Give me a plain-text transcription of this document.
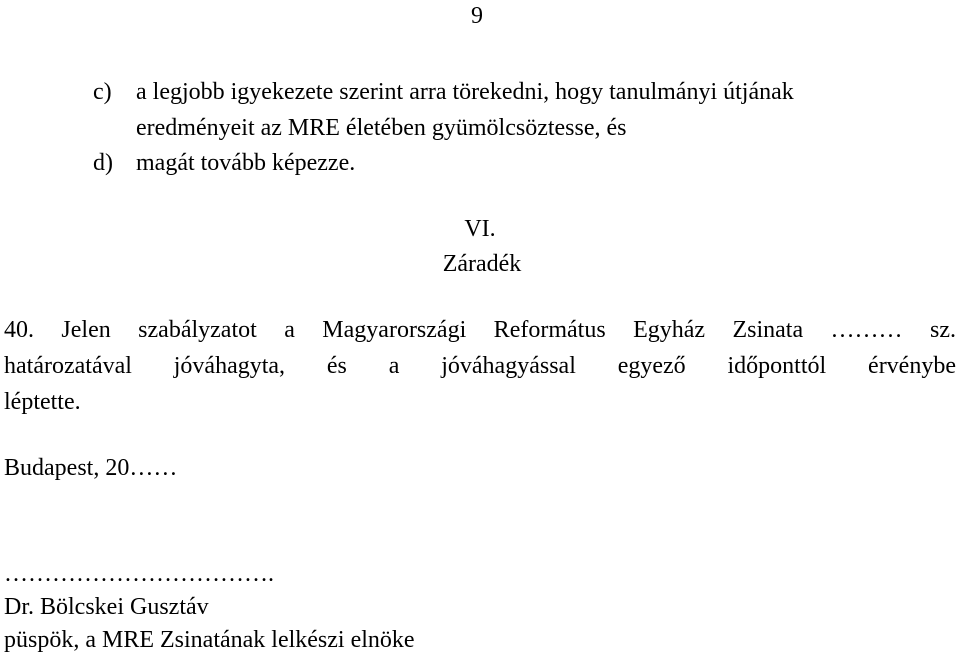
9
c) a legjobb igyekezete szerint arra törekedni, hogy tanulmányi útjának
eredményeit az MRE életében gyümölcsöztesse, és
d) magát tovább képezze.
VI.
Záradék
40. Jelen szabályzatot a Magyarországi Református Egyház Zsinata ……… sz.
határozatával jóváhagyta, és a jóváhagyással egyező időponttól érvénybe
léptette.
Budapest, 20……
…………………………….
Dr. Bölcskei Gusztáv
püspök, a MRE Zsinatának lelkészi elnöke
